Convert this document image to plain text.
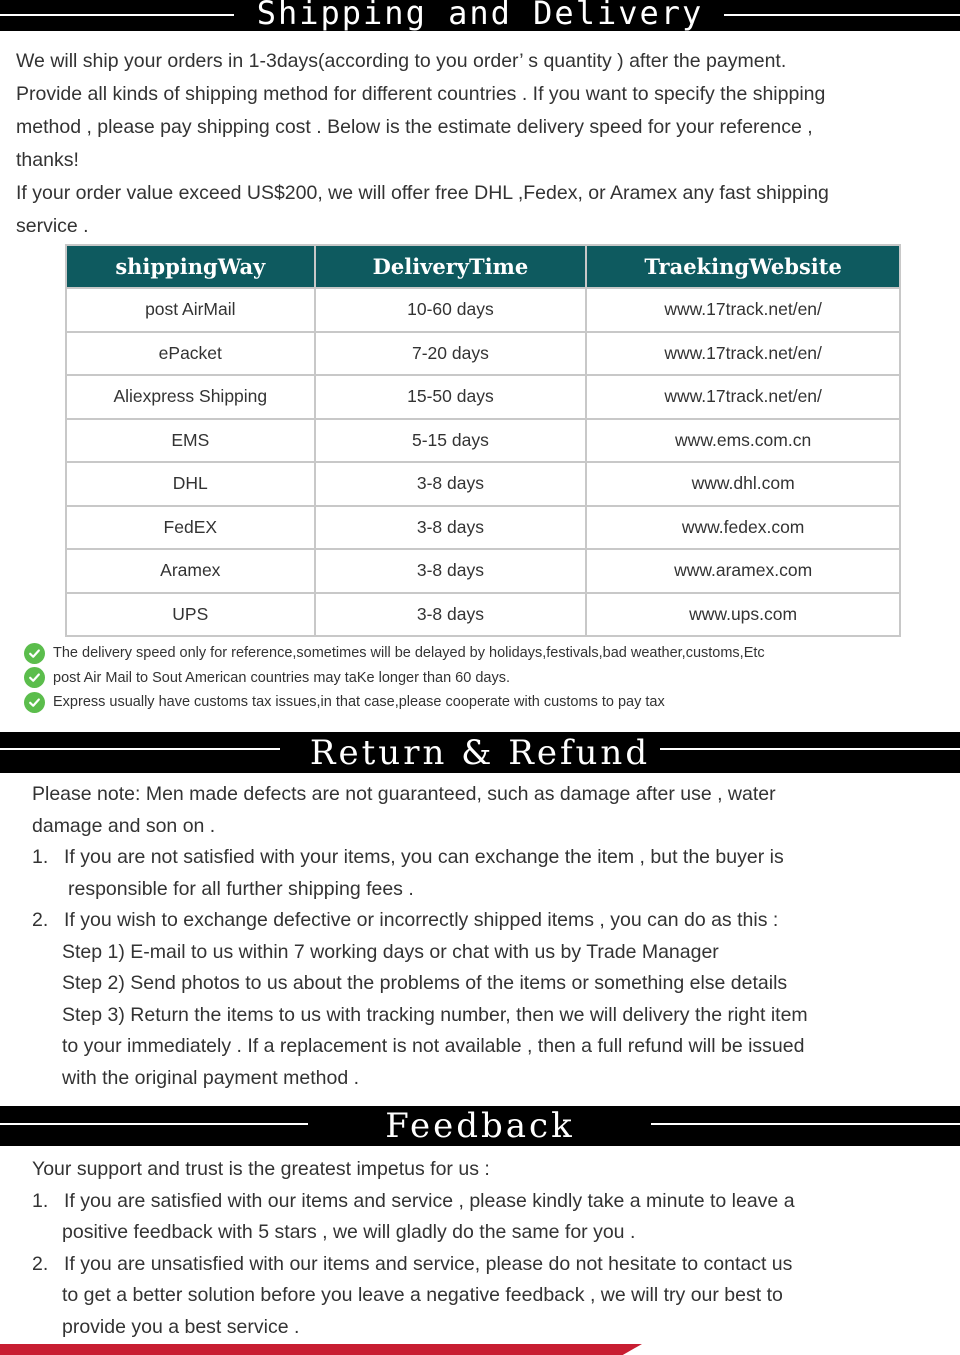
Shipping and Delivery

We will ship your orders in 1-3days(according to you order’ s quantity ) after the payment.

Provide all kinds of shipping method for different countries . If you want to specify the shipping

method , please pay shipping cost . Below is the estimate delivery speed for your reference ,

thanks!

If your order value exceed US$200, we will offer free DHL ,Fedex, or Aramex any fast shipping

service .

shippingWay	DeliveryTime	TraekingWebsite
post AirMail	10-60 days	www.17track.net/en/
ePacket	7-20 days	www.17track.net/en/
Aliexpress Shipping	15-50 days	www.17track.net/en/
EMS	5-15 days	www.ems.com.cn
DHL	3-8 days	www.dhl.com
FedEX	3-8 days	www.fedex.com
Aramex	3-8 days	www.aramex.com
UPS	3-8 days	www.ups.com
The delivery speed only for reference,sometimes will be delayed by holidays,festivals,bad weather,customs,Etc
post Air Mail to Sout American countries may taKe longer than 60 days.
Express usually have customs tax issues,in that case,please cooperate with customs to pay tax
Return & Refund
Please note: Men made defects are not guaranteed, such as damage after use , water
damage and son on .
1. If you are not satisfied with your items, you can exchange the item , but the buyer is
responsible for all further shipping fees .
2. If you wish to exchange defective or incorrectly shipped items , you can do as this :
Step 1) E-mail to us within 7 working days or chat with us by Trade Manager
Step 2) Send photos to us about the problems of the items or something else details
Step 3) Return the items to us with tracking number, then we will delivery the right item
to your immediately . If a replacement is not available , then a full refund will be issued
with the original payment method .
Feedback
Your support and trust is the greatest impetus for us :
1. If you are satisfied with our items and service , please kindly take a minute to leave a
positive feedback with 5 stars , we will gladly do the same for you .
2. If you are unsatisfied with our items and service, please do not hesitate to contact us
to get a better solution before you leave a negative feedback , we will try our best to
provide you a best service .
